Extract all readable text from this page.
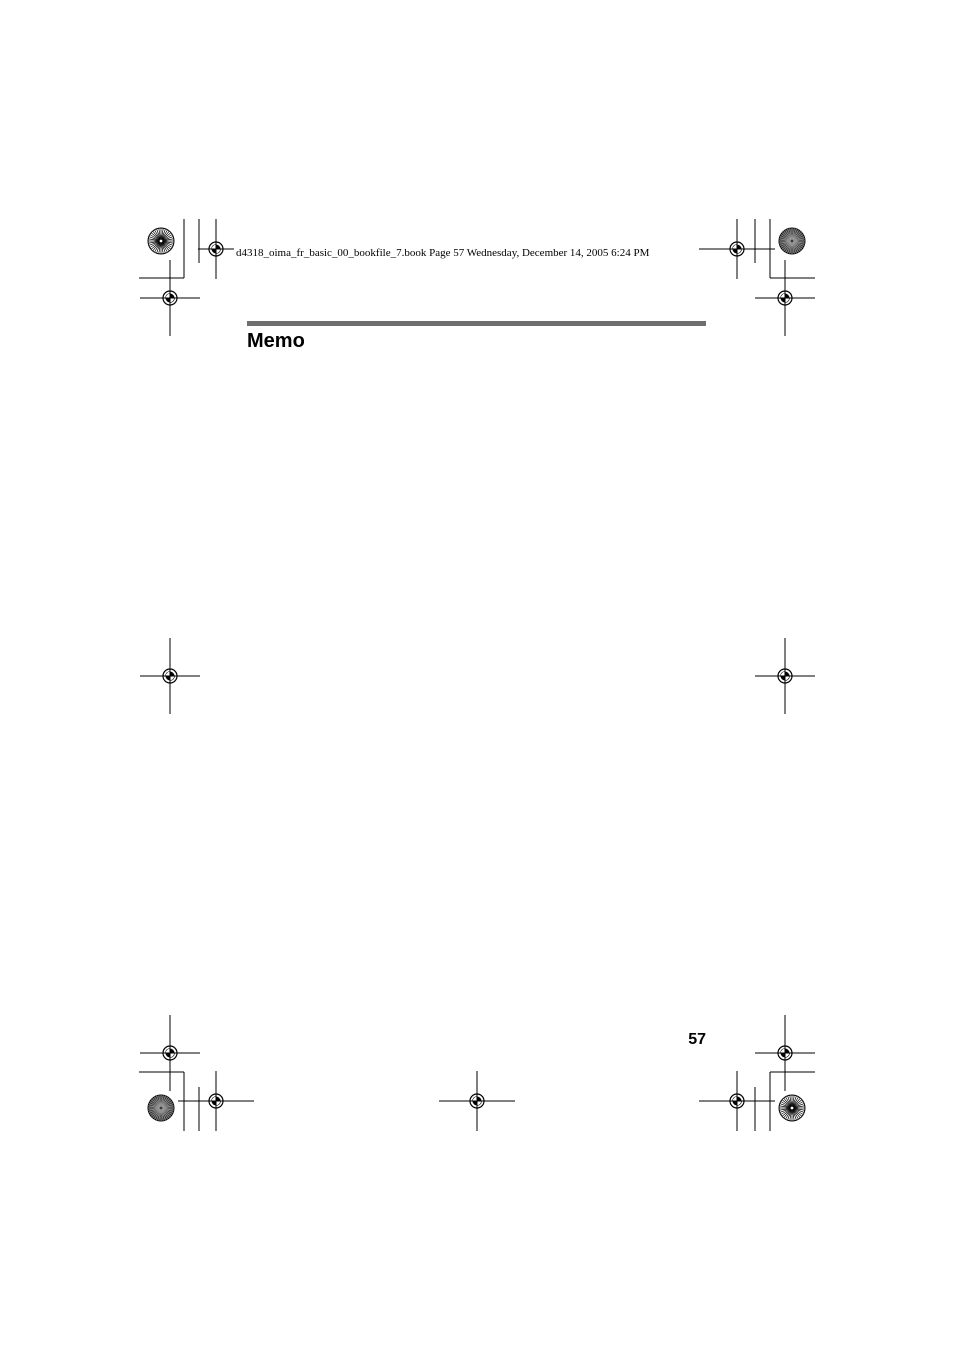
d4318_oima_fr_basic_00_bookfile_7.book Page 57 Wednesday, December 14, 2005 6:24 PM
Memo
57
